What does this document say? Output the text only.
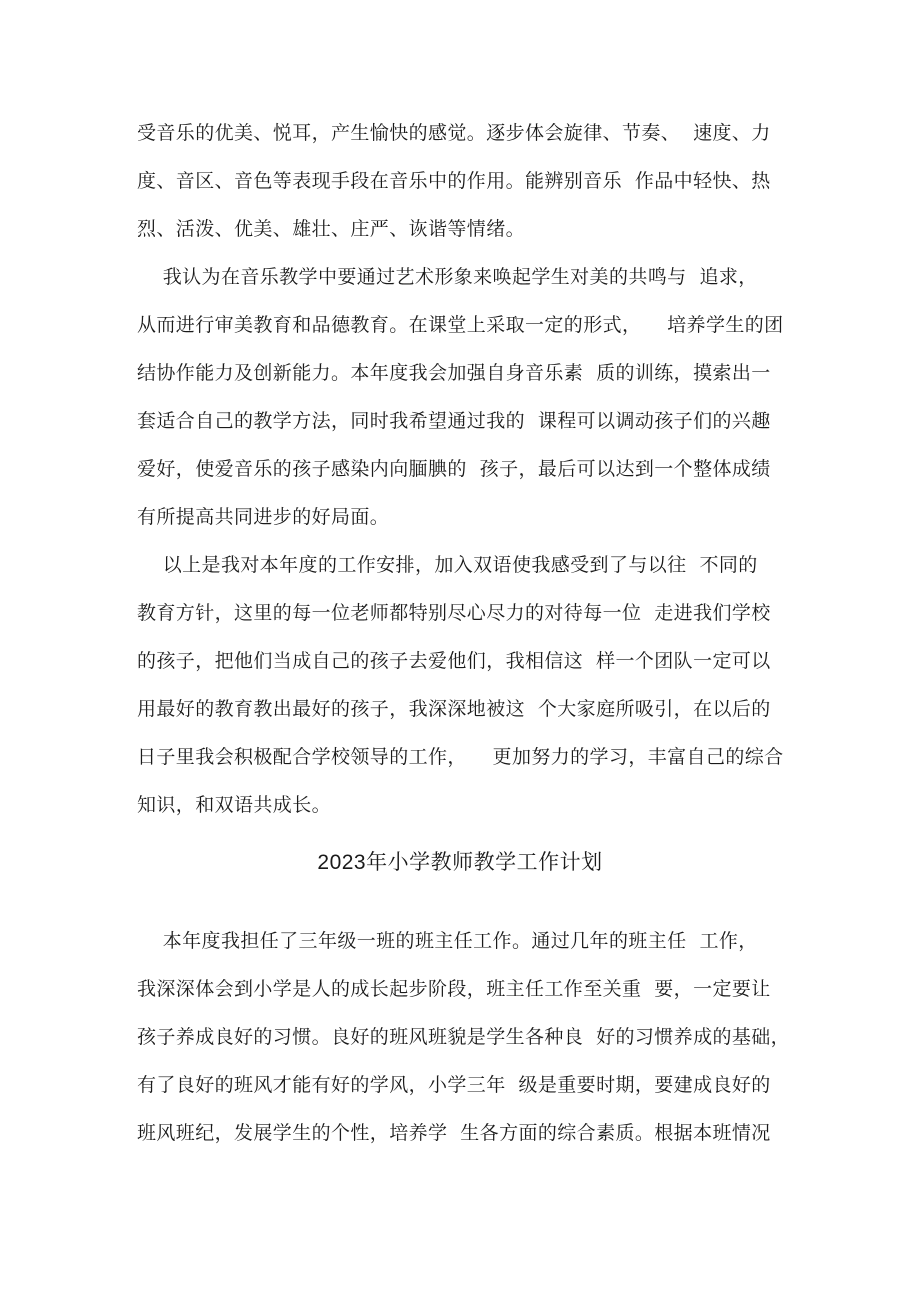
受音乐的优美、悦耳，产生愉快的感觉。逐步体会旋律、节奏、  速度、力
度、音区、音色等表现手段在音乐中的作用。能辨别音乐  作品中轻快、热
烈、活泼、优美、雄壮、庄严、诙谐等情绪。
我认为在音乐教学中要通过艺术形象来唤起学生对美的共鸣与  追求，
从而进行审美教育和品德教育。在课堂上采取一定的形式，    培养学生的团
结协作能力及创新能力。本年度我会加强自身音乐素  质的训练，摸索出一
套适合自己的教学方法，同时我希望通过我的  课程可以调动孩子们的兴趣
爱好，使爱音乐的孩子感染内向腼腆的  孩子，最后可以达到一个整体成绩
有所提高共同进步的好局面。
以上是我对本年度的工作安排，加入双语使我感受到了与以往  不同的
教育方针，这里的每一位老师都特别尽心尽力的对待每一位  走进我们学校
的孩子，把他们当成自己的孩子去爱他们，我相信这  样一个团队一定可以
用最好的教育教出最好的孩子，我深深地被这  个大家庭所吸引，在以后的
日子里我会积极配合学校领导的工作，    更加努力的学习，丰富自己的综合
知识，和双语共成长。
2023年小学教师教学工作计划
本年度我担任了三年级一班的班主任工作。通过几年的班主任  工作，
我深深体会到小学是人的成长起步阶段，班主任工作至关重  要，一定要让
孩子养成良好的习惯。良好的班风班貌是学生各种良  好的习惯养成的基础，
有了良好的班风才能有好的学风，小学三年  级是重要时期，要建成良好的
班风班纪，发展学生的个性，培养学  生各方面的综合素质。根据本班情况
